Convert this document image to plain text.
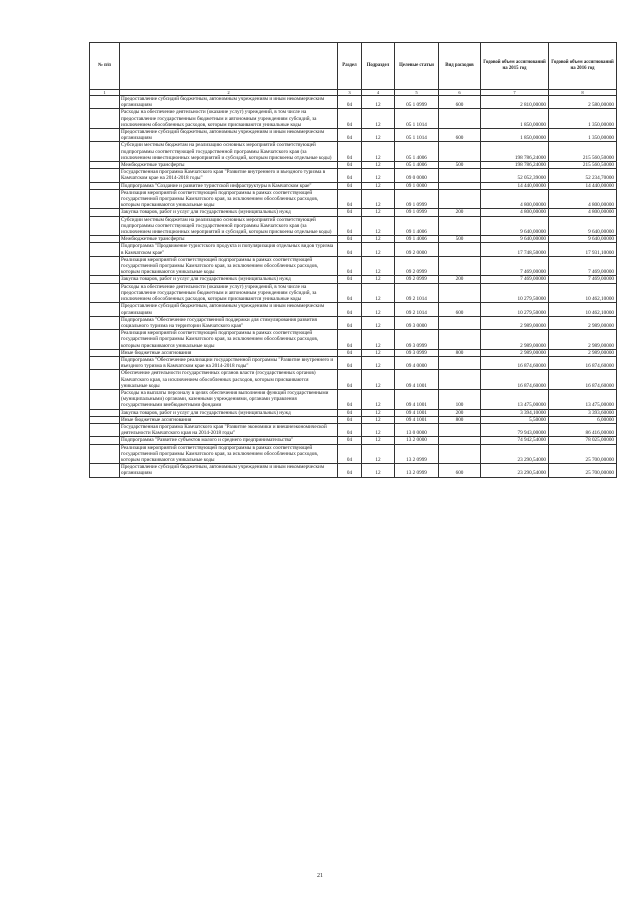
№ п/п		Раздел	Подраздел	Целевые статьи	Вид расходов	Годовой объем ассигнований на 2015 год	Годовой объем ассигнований на 2016 год
1	2	3	4	5	6	7	8
	Предоставление субсидий бюджетным, автономным учреждениям и иным некоммерческим организациям	04	12	05 1 0999	600	2 810,00000	2 580,00000
	Расходы на обеспечение деятельности (оказание услуг) учреждений, в том числе на предоставление государственным бюджетным и автономным учреждениям субсидий, за исключением обособленных расходов, которым присваиваются уникальные коды	04	12	05 1 1014		1 850,00000	1 350,00000
	Предоставление субсидий бюджетным, автономным учреждениям и иным некоммерческим организациям	04	12	05 1 1014	600	1 850,00000	1 350,00000
	Субсидии местным бюджетам на реализацию основных мероприятий соответствующей подпрограммы соответствующей государственной программы Камчатского края (за исключением инвестиционных мероприятий и субсидий, которым присвоены отдельные коды)	04	12	05 1 4006		198 786,24000	215 560,50000
	Межбюджетные трансферты	04	12	05 1 4006	500	198 786,24000	215 560,50000
	Государственная программа Камчатского края "Развитие внутреннего и въездного туризма в Камчатском крае на 2014-2018 годы"	04	12	09 0 0000		52 052,39000	52 234,70000
	Подпрограмма "Создание и развитие туристской инфраструктуры в Камчатском крае"	04	12	09 1 0000		14 440,00000	14 440,00000
	Реализация мероприятий соответствующей подпрограммы в рамках соответствующей государственной программы Камчатского края, за исключением обособленных расходов, которым присваиваются уникальные коды	04	12	09 1 0999		4 800,00000	4 800,00000
	Закупка товаров, работ и услуг для государственных (муниципальных) нужд	04	12	09 1 0999	200	4 800,00000	4 800,00000
	Субсидии местным бюджетам на реализацию основных мероприятий соответствующей подпрограммы соответствующей государственной программы Камчатского края (за исключением инвестиционных мероприятий и субсидий, которым присвоены отдельные коды)	04	12	09 1 4006		9 640,00000	9 640,00000
	Межбюджетные трансферты	04	12	09 1 4006	500	9 640,00000	9 640,00000
	Подпрограмма "Продвижение туристского продукта и популяризация отдельных видов туризма в Камчатском крае"	04	12	09 2 0000		17 748,50000	17 931,10000
	Реализация мероприятий соответствующей подпрограммы в рамках соответствующей государственной программы Камчатского края, за исключением обособленных расходов, которым присваиваются уникальные коды	04	12	09 2 0999		7 469,00000	7 469,00000
	Закупка товаров, работ и услуг для государственных (муниципальных) нужд	04	12	09 2 0999	200	7 469,00000	7 469,00000
	Расходы на обеспечение деятельности (оказание услуг) учреждений, в том числе на предоставление государственным бюджетным и автономным учреждениям субсидий, за исключением обособленных расходов, которым присваиваются уникальные коды	04	12	09 2 1014		10 279,50000	10 462,10000
	Предоставление субсидий бюджетным, автономным учреждениям и иным некоммерческим организациям	04	12	09 2 1014	600	10 279,50000	10 462,10000
	Подпрограмма "Обеспечение государственной поддержки для стимулирования развития социального туризма на территории Камчатского края"	04	12	09 3 0000		2 989,00000	2 989,00000
	Реализация мероприятий соответствующей подпрограммы в рамках соответствующей государственной программы Камчатского края, за исключением обособленных расходов, которым присваиваются уникальные коды	04	12	09 3 0999		2 989,00000	2 989,00000
	Иные бюджетные ассигнования	04	12	09 3 0999	800	2 989,00000	2 989,00000
	Подпрограмма "Обеспечение реализации государственной программы "Развитие внутреннего и въездного туризма в Камчатском крае на 2014-2018 годы"	04	12	09 4 0000		16 874,60000	16 874,60000
	Обеспечение деятельности государственных органов власти (государственных органов) Камчатского края, за исключением обособленных расходов, которым присваиваются уникальные коды	04	12	09 4 1001		16 874,60000	16 874,60000
	Расходы на выплаты персоналу в целях обеспечения выполнения функций государственными (муниципальными) органами, казенными учреждениями, органами управления государственными внебюджетными фондами	04	12	09 4 1001	100	13 475,00000	13 475,00000
	Закупка товаров, работ и услуг для государственных (муниципальных) нужд	04	12	09 4 1001	200	3 394,10000	3 393,60000
	Иные бюджетные ассигнования	04	12	09 4 1001	800	5,50000	6,00000
	Государственная программа Камчатского края "Развитие экономики и внешнеэкономической деятельности Камчатского края на 2014-2018 годы"	04	12	13 0 0000		79 943,00000	86 416,00000
	Подпрограмма "Развитие субъектов малого и среднего предпринимательства"	04	12	13 2 0000		74 942,54000	78 025,00000
	Реализация мероприятий соответствующей подпрограммы в рамках соответствующей государственной программы Камчатского края, за исключением обособленных расходов, которым присваиваются уникальные коды	04	12	13 2 0999		23 290,54000	25 700,00000
	Предоставление субсидий бюджетным, автономным учреждениям и иным некоммерческим организациям	04	12	13 2 0999	600	23 290,54000	25 700,00000
21
